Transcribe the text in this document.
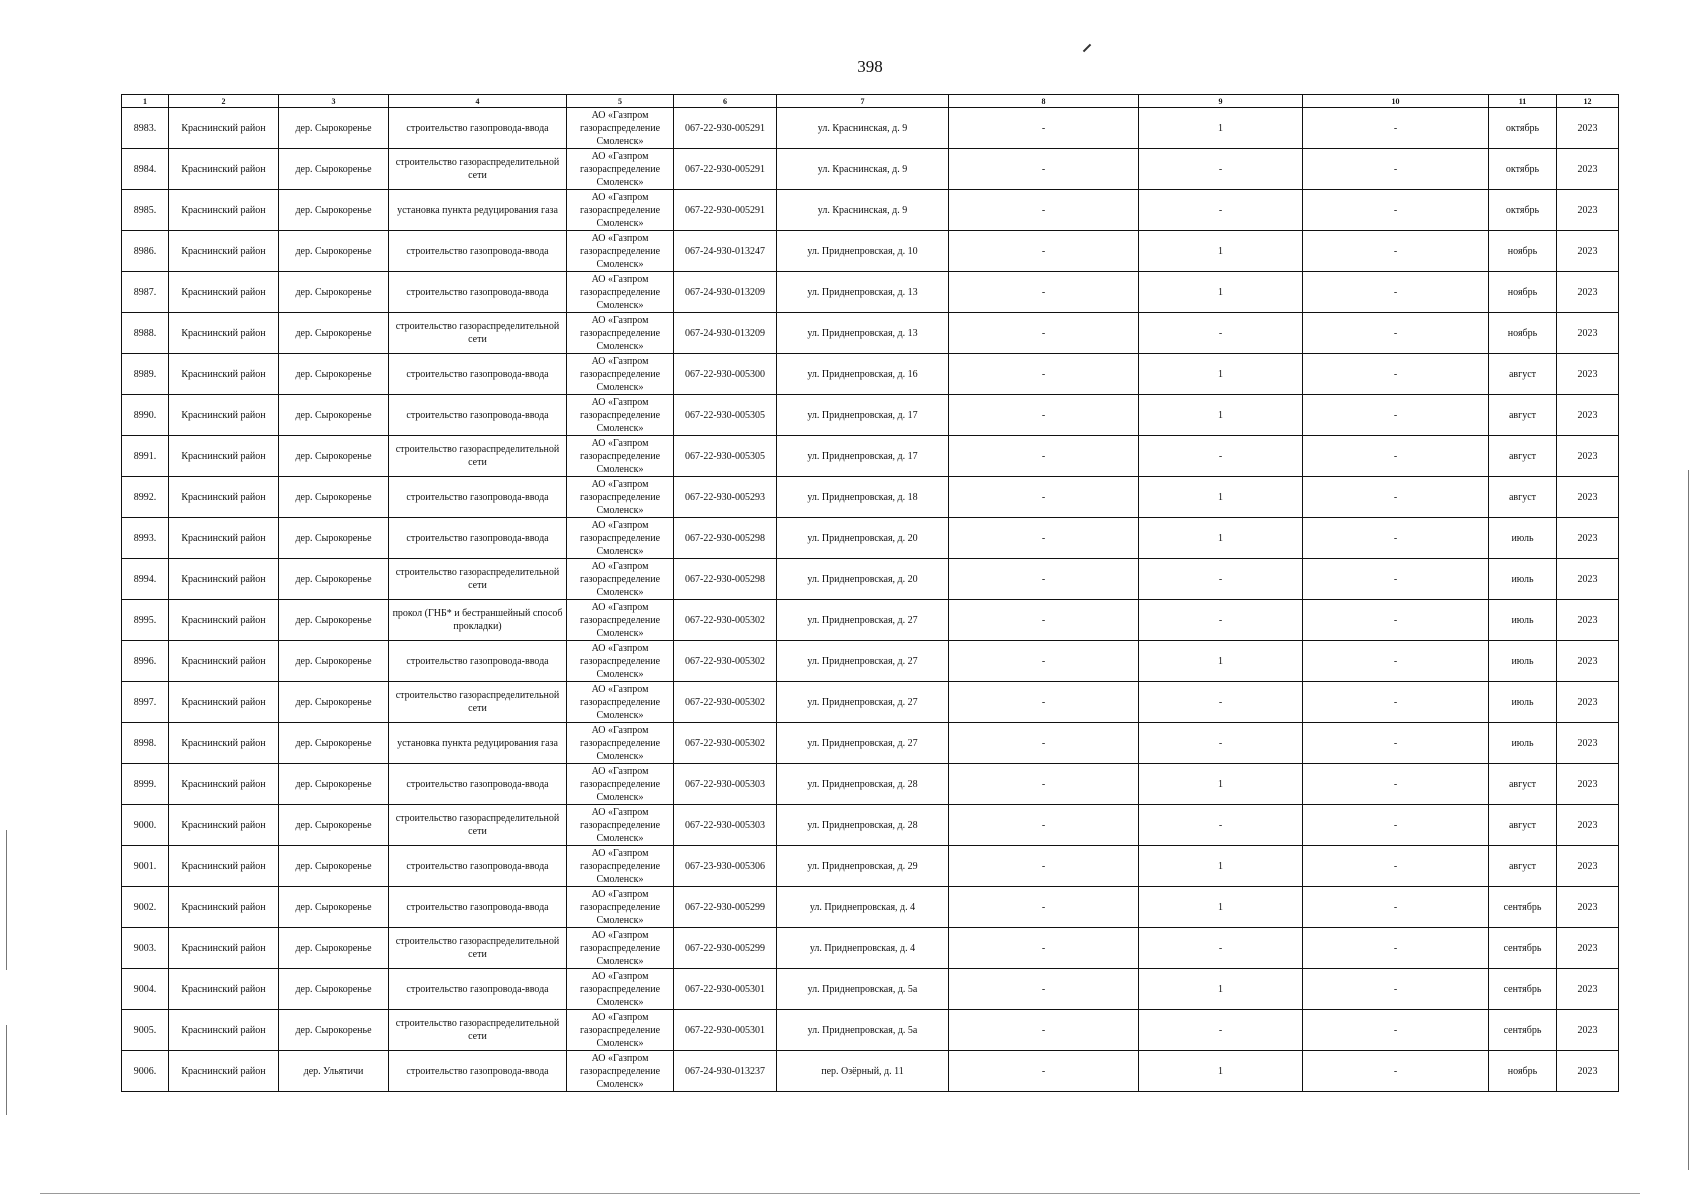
398
1	2	3	4	5	6	7	8	9	10	11	12
8983.	Краснинский район	дер. Сырокоренье	строительство газопровода-ввода	АО «Газпром газораспределение Смоленск»	067-22-930-005291	ул. Краснинская, д. 9	-	1	-	октябрь	2023
8984.	Краснинский район	дер. Сырокоренье	строительство газораспределительной сети	АО «Газпром газораспределение Смоленск»	067-22-930-005291	ул. Краснинская, д. 9	-	-	-	октябрь	2023
8985.	Краснинский район	дер. Сырокоренье	установка пункта редуцирования газа	АО «Газпром газораспределение Смоленск»	067-22-930-005291	ул. Краснинская, д. 9	-	-	-	октябрь	2023
8986.	Краснинский район	дер. Сырокоренье	строительство газопровода-ввода	АО «Газпром газораспределение Смоленск»	067-24-930-013247	ул. Приднепровская, д. 10	-	1	-	ноябрь	2023
8987.	Краснинский район	дер. Сырокоренье	строительство газопровода-ввода	АО «Газпром газораспределение Смоленск»	067-24-930-013209	ул. Приднепровская, д. 13	-	1	-	ноябрь	2023
8988.	Краснинский район	дер. Сырокоренье	строительство газораспределительной сети	АО «Газпром газораспределение Смоленск»	067-24-930-013209	ул. Приднепровская, д. 13	-	-	-	ноябрь	2023
8989.	Краснинский район	дер. Сырокоренье	строительство газопровода-ввода	АО «Газпром газораспределение Смоленск»	067-22-930-005300	ул. Приднепровская, д. 16	-	1	-	август	2023
8990.	Краснинский район	дер. Сырокоренье	строительство газопровода-ввода	АО «Газпром газораспределение Смоленск»	067-22-930-005305	ул. Приднепровская, д. 17	-	1	-	август	2023
8991.	Краснинский район	дер. Сырокоренье	строительство газораспределительной сети	АО «Газпром газораспределение Смоленск»	067-22-930-005305	ул. Приднепровская, д. 17	-	-	-	август	2023
8992.	Краснинский район	дер. Сырокоренье	строительство газопровода-ввода	АО «Газпром газораспределение Смоленск»	067-22-930-005293	ул. Приднепровская, д. 18	-	1	-	август	2023
8993.	Краснинский район	дер. Сырокоренье	строительство газопровода-ввода	АО «Газпром газораспределение Смоленск»	067-22-930-005298	ул. Приднепровская, д. 20	-	1	-	июль	2023
8994.	Краснинский район	дер. Сырокоренье	строительство газораспределительной сети	АО «Газпром газораспределение Смоленск»	067-22-930-005298	ул. Приднепровская, д. 20	-	-	-	июль	2023
8995.	Краснинский район	дер. Сырокоренье	прокол (ГНБ* и бестраншейный способ прокладки)	АО «Газпром газораспределение Смоленск»	067-22-930-005302	ул. Приднепровская, д. 27	-	-	-	июль	2023
8996.	Краснинский район	дер. Сырокоренье	строительство газопровода-ввода	АО «Газпром газораспределение Смоленск»	067-22-930-005302	ул. Приднепровская, д. 27	-	1	-	июль	2023
8997.	Краснинский район	дер. Сырокоренье	строительство газораспределительной сети	АО «Газпром газораспределение Смоленск»	067-22-930-005302	ул. Приднепровская, д. 27	-	-	-	июль	2023
8998.	Краснинский район	дер. Сырокоренье	установка пункта редуцирования газа	АО «Газпром газораспределение Смоленск»	067-22-930-005302	ул. Приднепровская, д. 27	-	-	-	июль	2023
8999.	Краснинский район	дер. Сырокоренье	строительство газопровода-ввода	АО «Газпром газораспределение Смоленск»	067-22-930-005303	ул. Приднепровская, д. 28	-	1	-	август	2023
9000.	Краснинский район	дер. Сырокоренье	строительство газораспределительной сети	АО «Газпром газораспределение Смоленск»	067-22-930-005303	ул. Приднепровская, д. 28	-	-	-	август	2023
9001.	Краснинский район	дер. Сырокоренье	строительство газопровода-ввода	АО «Газпром газораспределение Смоленск»	067-23-930-005306	ул. Приднепровская, д. 29	-	1	-	август	2023
9002.	Краснинский район	дер. Сырокоренье	строительство газопровода-ввода	АО «Газпром газораспределение Смоленск»	067-22-930-005299	ул. Приднепровская, д. 4	-	1	-	сентябрь	2023
9003.	Краснинский район	дер. Сырокоренье	строительство газораспределительной сети	АО «Газпром газораспределение Смоленск»	067-22-930-005299	ул. Приднепровская, д. 4	-	-	-	сентябрь	2023
9004.	Краснинский район	дер. Сырокоренье	строительство газопровода-ввода	АО «Газпром газораспределение Смоленск»	067-22-930-005301	ул. Приднепровская, д. 5а	-	1	-	сентябрь	2023
9005.	Краснинский район	дер. Сырокоренье	строительство газораспределительной сети	АО «Газпром газораспределение Смоленск»	067-22-930-005301	ул. Приднепровская, д. 5а	-	-	-	сентябрь	2023
9006.	Краснинский район	дер. Ульятичи	строительство газопровода-ввода	АО «Газпром газораспределение Смоленск»	067-24-930-013237	пер. Озёрный, д. 11	-	1	-	ноябрь	2023
